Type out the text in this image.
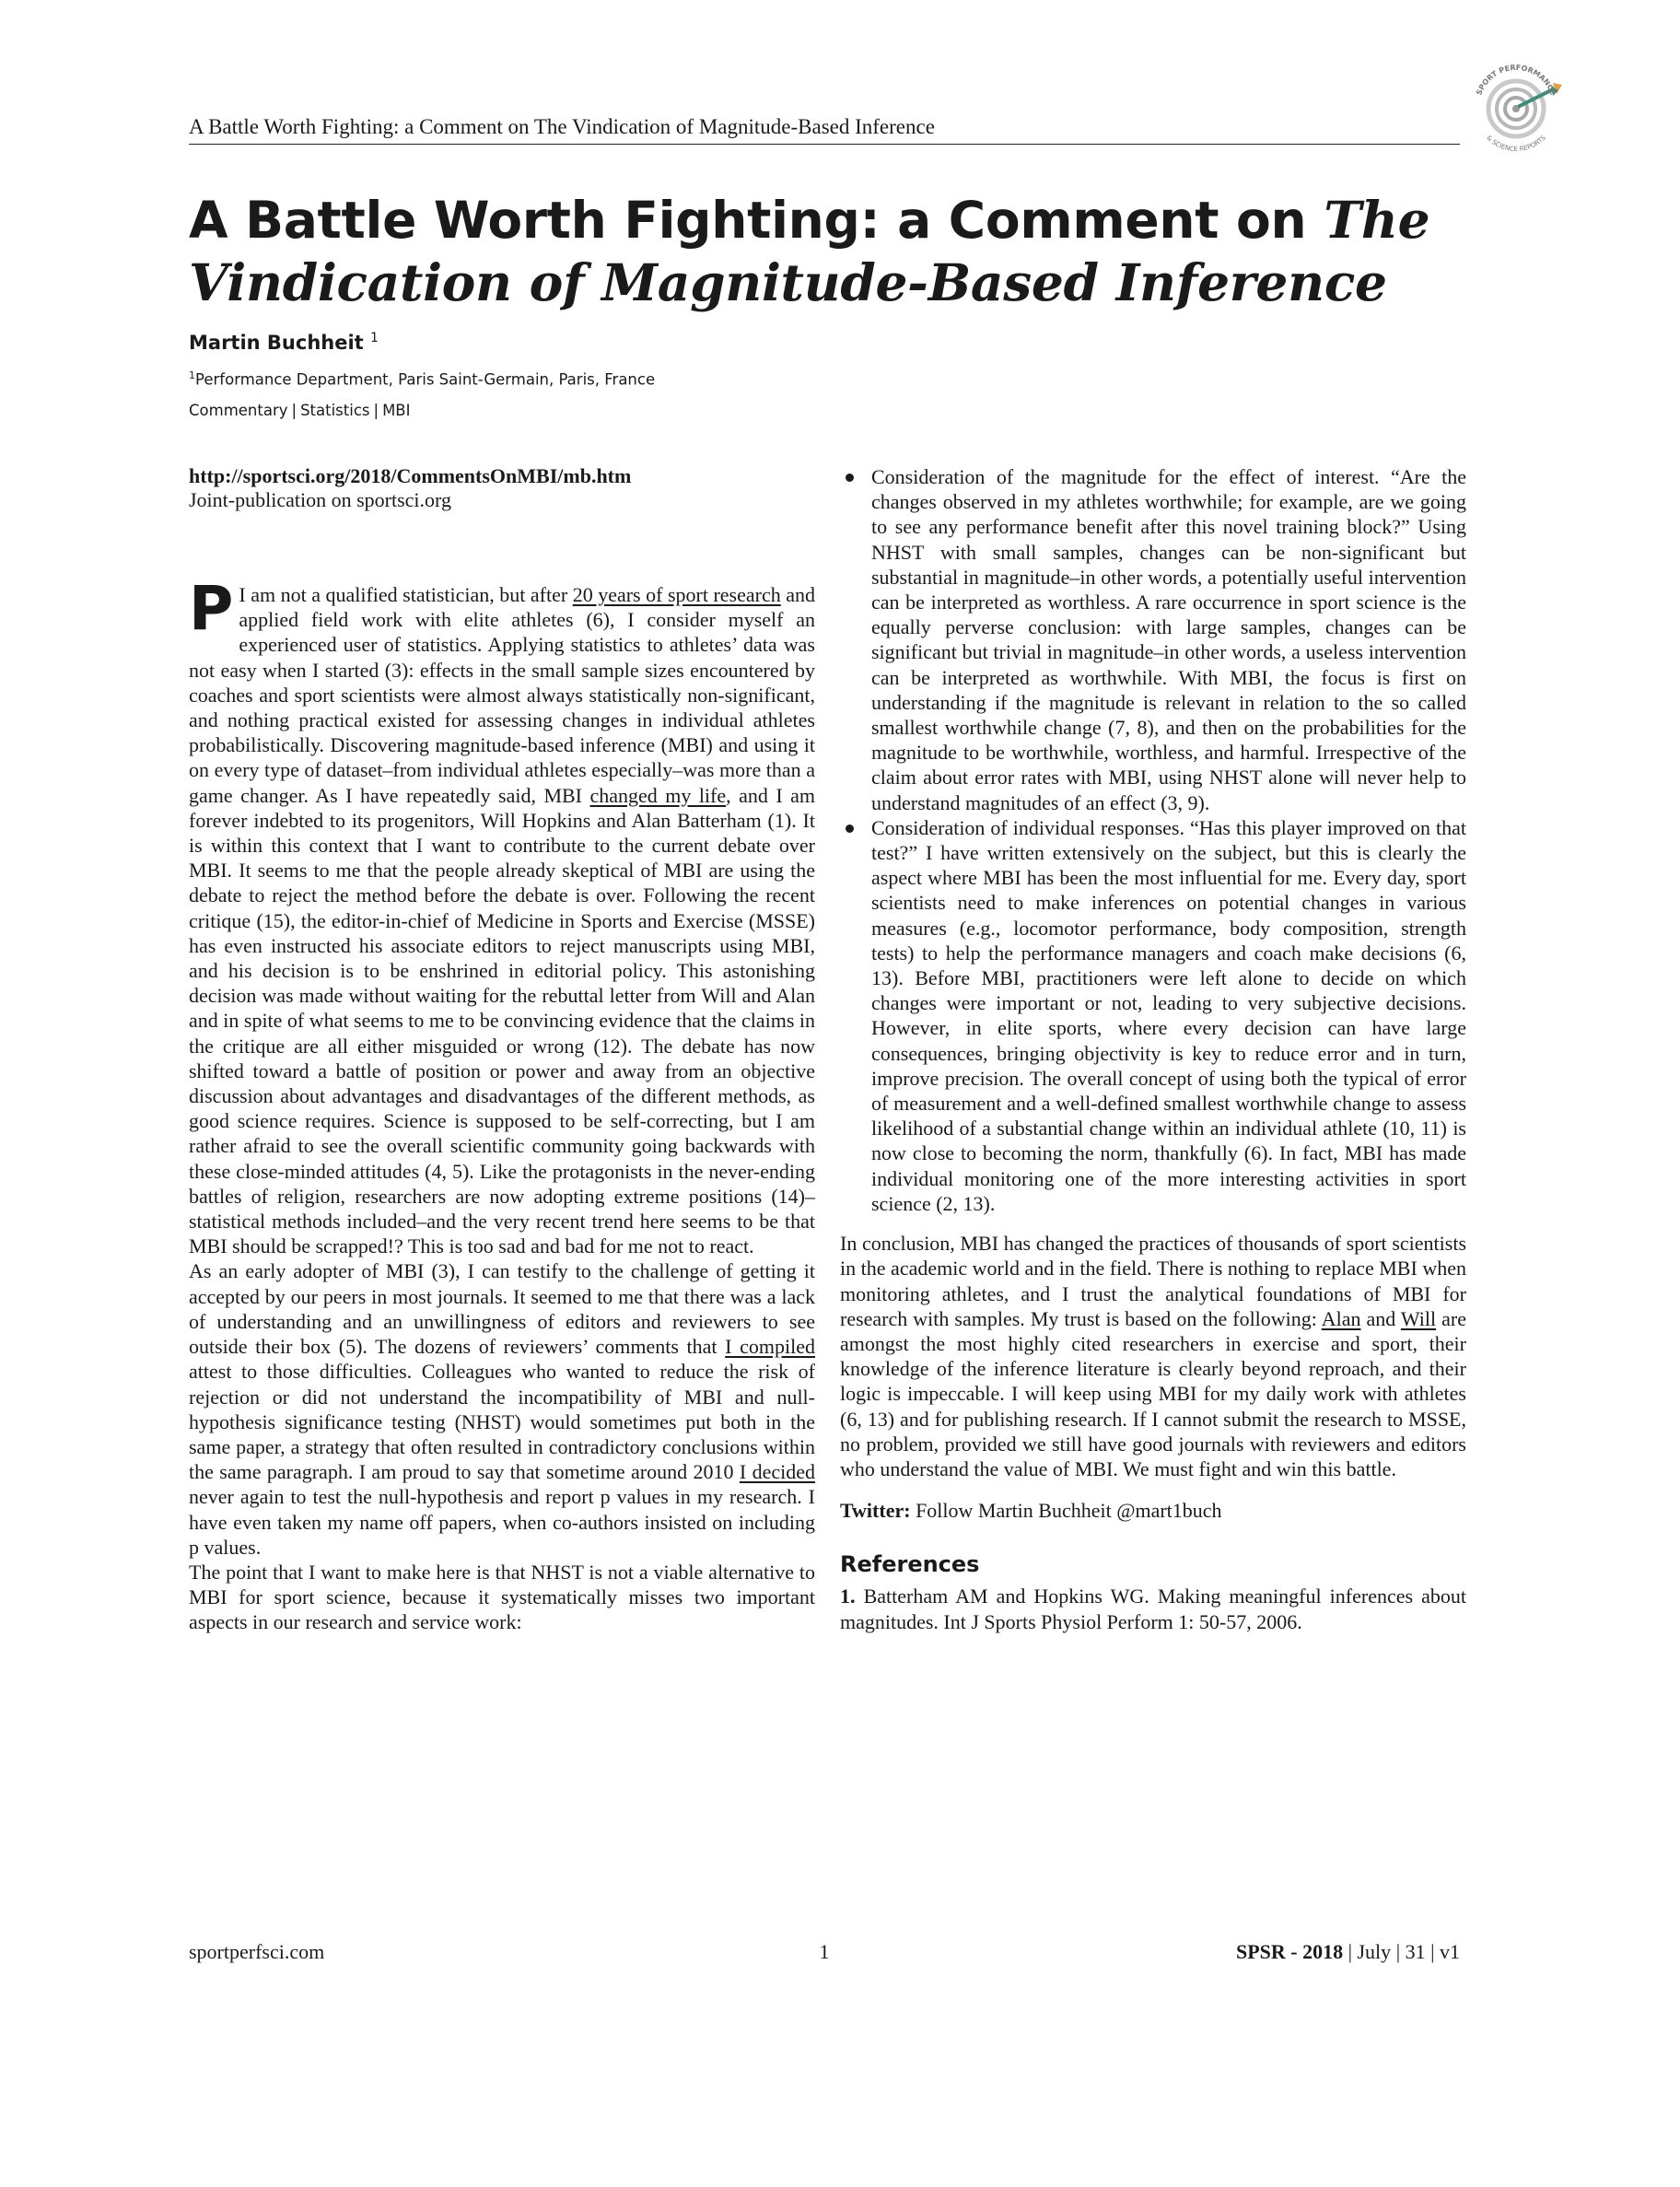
A Battle Worth Fighting: a Comment on The Vindication of Magnitude-Based Inference
SPORT PERFORMANCE
& SCIENCE REPORTS
A Battle Worth Fighting: a Comment on The Vindication of Magnitude-Based Inference
Martin Buchheit $^1$
$^1$Performance Department, Paris Saint-Germain, Paris, France
Commentary | Statistics | MBI

http://sportsci.org/2018/CommentsOnMBI/mb.htm

Joint-publication on sportsci.org

P I am not a qualified statistician, but after 20 years of sport research and applied field work with elite athletes (6), I consider myself an experienced user of statistics. Applying statistics to athletes’ data was not easy when I started (3): effects in the small sample sizes encountered by coaches and sport scientists were almost always statistically non-significant, and nothing practical existed for assessing changes in individual athletes probabilistically. Discovering magnitude-based inference (MBI) and using it on every type of dataset–from individual athletes especially–was more than a game changer. As I have repeatedly said, MBI changed my life, and I am forever indebted to its progenitors, Will Hopkins and Alan Batterham (1). It is within this context that I want to contribute to the current debate over MBI. It seems to me that the people already skeptical of MBI are using the debate to reject the method before the debate is over. Following the recent critique (15), the editor-in-chief of Medicine in Sports and Exercise (MSSE) has even instructed his associate editors to reject manuscripts using MBI, and his decision is to be enshrined in editorial policy. This astonishing decision was made without waiting for the rebuttal letter from Will and Alan and in spite of what seems to me to be convincing evidence that the claims in the critique are all either misguided or wrong (12). The debate has now shifted toward a battle of position or power and away from an objective discussion about advantages and disadvantages of the different methods, as good science requires. Science is supposed to be self-correcting, but I am rather afraid to see the overall scientific community going backwards with these close-minded attitudes (4, 5). Like the protagonists in the never-ending battles of religion, researchers are now adopting extreme positions (14)–statistical methods included–and the very recent trend here seems to be that MBI should be scrapped!? This is too sad and bad for me not to react.

As an early adopter of MBI (3), I can testify to the challenge of getting it accepted by our peers in most journals. It seemed to me that there was a lack of understanding and an unwillingness of editors and reviewers to see outside their box (5). The dozens of reviewers’ comments that I compiled attest to those difficulties. Colleagues who wanted to reduce the risk of rejection or did not understand the incompatibility of MBI and null-hypothesis significance testing (NHST) would sometimes put both in the same paper, a strategy that often resulted in contradictory conclusions within the same paragraph. I am proud to say that sometime around 2010 I decided never again to test the null-hypothesis and report p values in my research. I have even taken my name off papers, when co-authors insisted on including p values.

The point that I want to make here is that NHST is not a viable alternative to MBI for sport science, because it systematically misses two important aspects in our research and service work:

Consideration of the magnitude for the effect of interest. “Are the changes observed in my athletes worthwhile; for example, are we going to see any performance benefit after this novel training block?” Using NHST with small samples, changes can be non-significant but substantial in magnitude–in other words, a potentially useful intervention can be interpreted as worthless. A rare occurrence in sport science is the equally perverse conclusion: with large samples, changes can be significant but trivial in magnitude–in other words, a useless intervention can be interpreted as worthwhile. With MBI, the focus is first on understanding if the magnitude is relevant in relation to the so called smallest worthwhile change (7, 8), and then on the probabilities for the magnitude to be worthwhile, worthless, and harmful. Irrespective of the claim about error rates with MBI, using NHST alone will never help to understand magnitudes of an effect (3, 9).
Consideration of individual responses. “Has this player improved on that test?” I have written extensively on the subject, but this is clearly the aspect where MBI has been the most influential for me. Every day, sport scientists need to make inferences on potential changes in various measures (e.g., locomotor performance, body composition, strength tests) to help the performance managers and coach make decisions (6, 13). Before MBI, practitioners were left alone to decide on which changes were important or not, leading to very subjective decisions. However, in elite sports, where every decision can have large consequences, bringing objectivity is key to reduce error and in turn, improve precision. The overall concept of using both the typical of error of measurement and a well-defined smallest worthwhile change to assess likelihood of a substantial change within an individual athlete (10, 11) is now close to becoming the norm, thankfully (6). In fact, MBI has made individual monitoring one of the more interesting activities in sport science (2, 13).

In conclusion, MBI has changed the practices of thousands of sport scientists in the academic world and in the field. There is nothing to replace MBI when monitoring athletes, and I trust the analytical foundations of MBI for research with samples. My trust is based on the following: Alan and Will are amongst the most highly cited researchers in exercise and sport, their knowledge of the inference literature is clearly beyond reproach, and their logic is impeccable. I will keep using MBI for my daily work with athletes (6, 13) and for publishing research. If I cannot submit the research to MSSE, no problem, provided we still have good journals with reviewers and editors who understand the value of MBI. We must fight and win this battle.

Twitter: Follow Martin Buchheit @mart1buch

References

1. Batterham AM and Hopkins WG. Making meaningful inferences about magnitudes. Int J Sports Physiol Perform 1: 50-57, 2006.

sportperfsci.com	1	SPSR - 2018 | July | 31 | v1
